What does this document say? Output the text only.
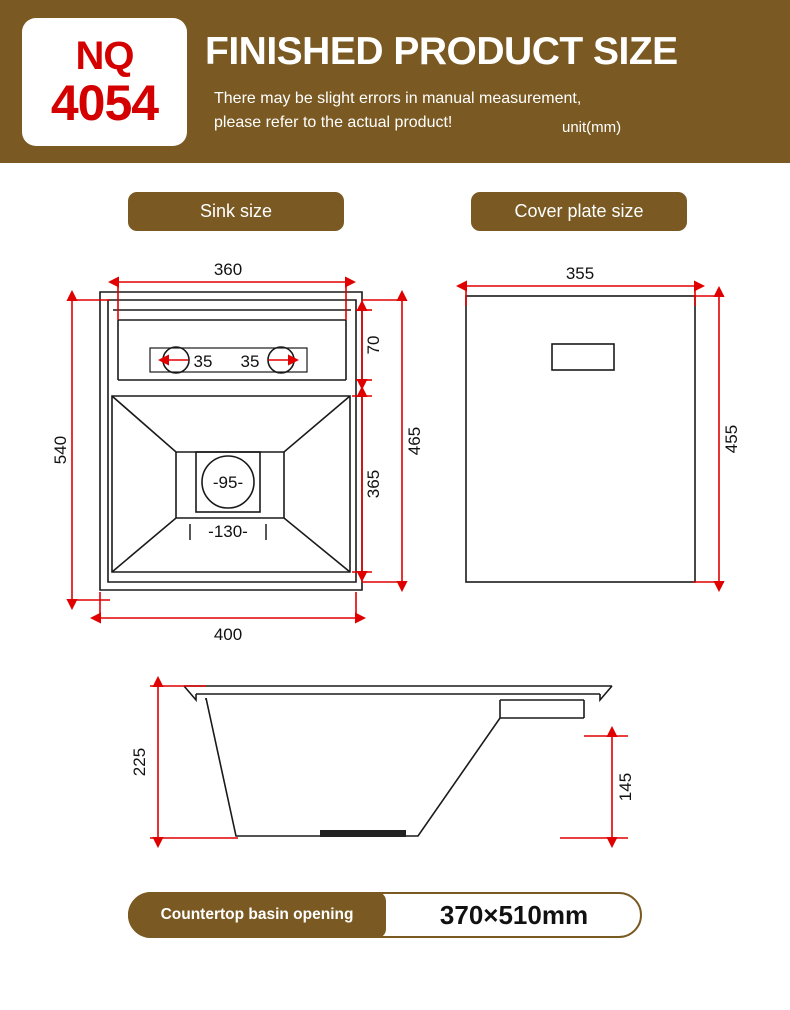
NQ
4054
FINISHED PRODUCT SIZE
There may be slight errors in manual measurement,
please refer to the actual product!	unit(mm)
Sink size	Cover plate size
360
400
540
70
365
465
35 35
-95-
-130-
355
455
225
145
Countertop basin opening	370×510mm
